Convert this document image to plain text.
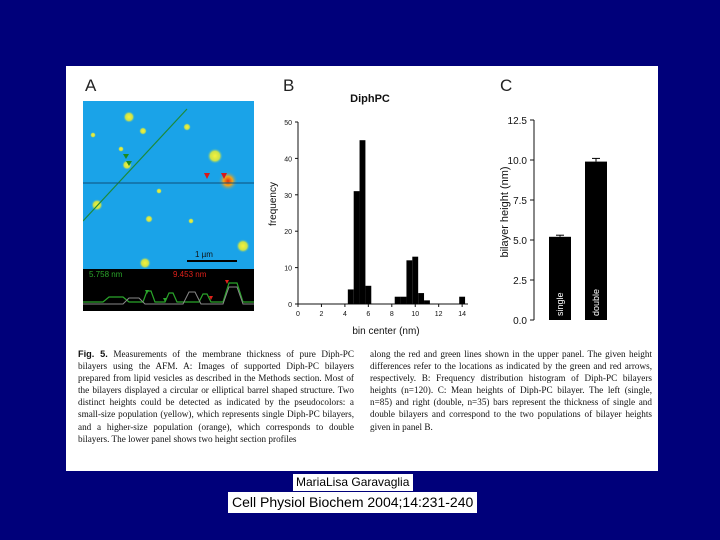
A	B	C
1 µm
5.758 nm	9.453 nm
DiphPC
frequency
bin center (nm)
0
10
20
30
40
50
0	2	4	6	8	10 12 14
bilayer height (nm)
0.0
2.5
5.0
7.5
10.0
12.5
single	double
Fig. 5. Measurements of the membrane thickness of pure Diph-PC bilayers using the AFM. A: Images of supported Diph-PC bilayers prepared from lipid vesicles as described in the Methods section. Most of the bilayers displayed a circular or elliptical barrel shaped structure. Two distinct heights could be detected as indicated by the pseudocolors: a small-size population (yellow), which represents single Diph-PC bilayers, and a higher-size population (orange), which corresponds to double bilayers. The lower panel shows two height section profiles
along the red and green lines shown in the upper panel. The given height differences refer to the locations as indicated by the green and red arrows, respectively. B: Frequency distribution histogram of Diph-PC bilayers heights (n=120). C: Mean heights of Diph-PC bilayer. The left (single, n=85) and right (double, n=35) bars represent the thickness of single and double bilayers and correspond to the two populations of bilayer heights given in panel B.
MariaLisa Garavaglia
Cell Physiol Biochem 2004;14:231-240
